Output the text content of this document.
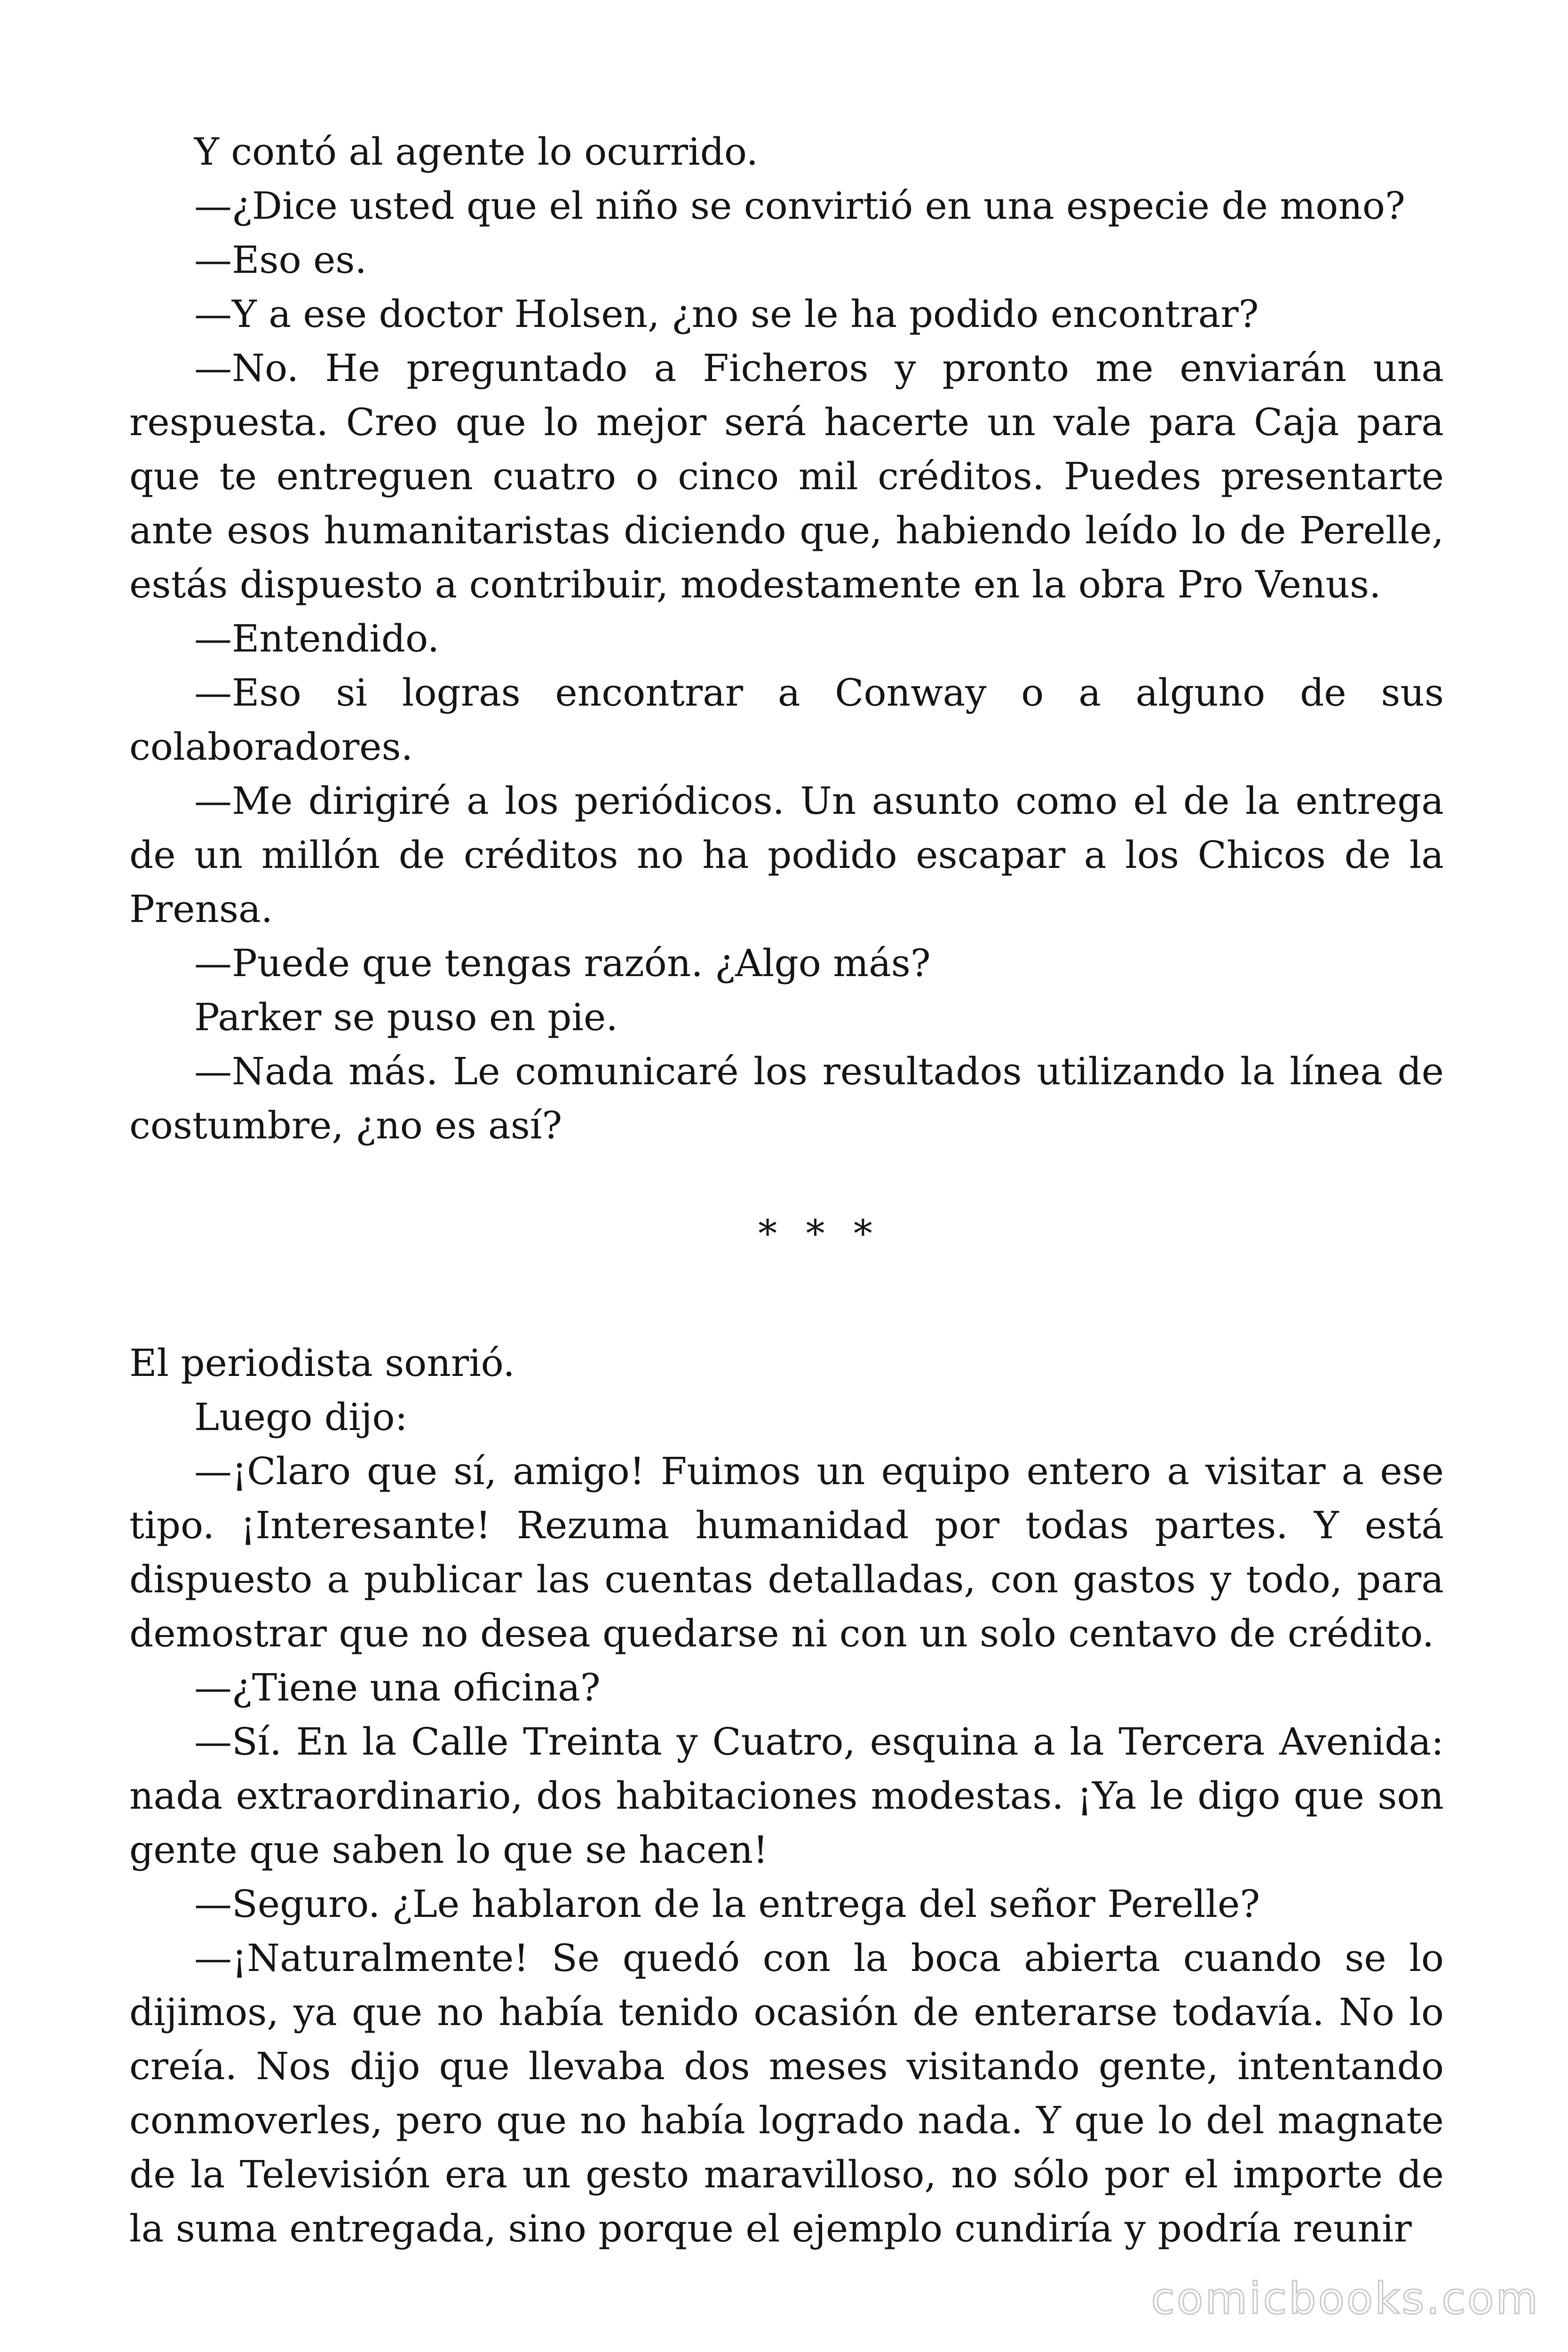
Y contó al agente lo ocurrido.

—¿Dice usted que el niño se convirtió en una especie de mono?

—Eso es.

—Y a ese doctor Holsen, ¿no se le ha podido encontrar?

—No. He preguntado a Ficheros y pronto me enviarán una respuesta. Creo que lo mejor será hacerte un vale para Caja para que te entreguen cuatro o cinco mil créditos. Puedes presentarte ante esos humanitaristas diciendo que, habiendo leído lo de Perelle, estás dispuesto a contribuir, modestamente en la obra Pro Venus.

—Entendido.

—Eso si logras encontrar a Conway o a alguno de sus colaboradores.

—Me dirigiré a los periódicos. Un asunto como el de la entrega de un millón de créditos no ha podido escapar a los Chicos de la Prensa.

—Puede que tengas razón. ¿Algo más?

Parker se puso en pie.

—Nada más. Le comunicaré los resultados utilizando la línea de costumbre, ¿no es así?

* * *

El periodista sonrió.

Luego dijo:

—¡Claro que sí, amigo! Fuimos un equipo entero a visitar a ese tipo. ¡Interesante! Rezuma humanidad por todas partes. Y está dispuesto a publicar las cuentas detalladas, con gastos y todo, para demostrar que no desea quedarse ni con un solo centavo de crédito.

—¿Tiene una oficina?

—Sí. En la Calle Treinta y Cuatro, esquina a la Tercera Avenida: nada extraordinario, dos habitaciones modestas. ¡Ya le digo que son gente que saben lo que se hacen!

—Seguro. ¿Le hablaron de la entrega del señor Perelle?

—¡Naturalmente! Se quedó con la boca abierta cuando se lo dijimos, ya que no había tenido ocasión de enterarse todavía. No lo creía. Nos dijo que llevaba dos meses visitando gente, intentando conmoverles, pero que no había logrado nada. Y que lo del magnate de la Televisión era un gesto maravilloso, no sólo por el importe de la suma entregada, sino porque el ejemplo cundiría y podría reunir

comicbooks.com
